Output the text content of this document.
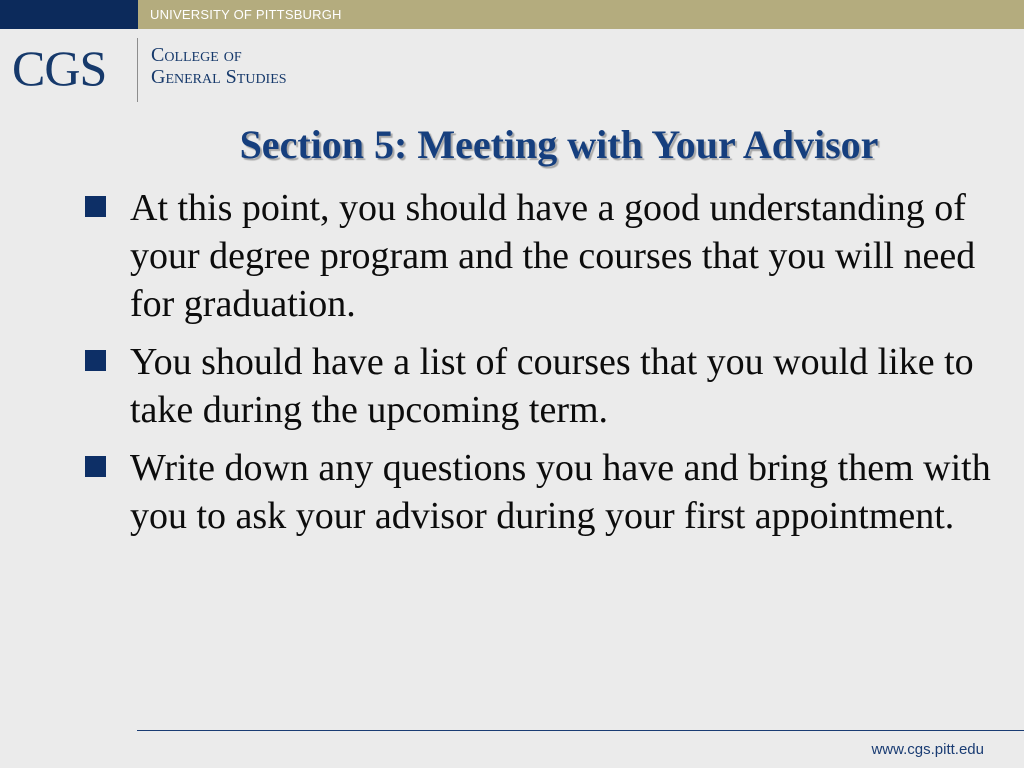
UNIVERSITY OF PITTSBURGH
CGS College of
General Studies
Section 5: Meeting with Your Advisor
At this point, you should have a good understanding of your degree program and the courses that you will need for graduation.
You should have a list of courses that you would like to take during the upcoming term.
Write down any questions you have and bring them with you to ask your advisor during your first appointment.
www.cgs.pitt.edu
